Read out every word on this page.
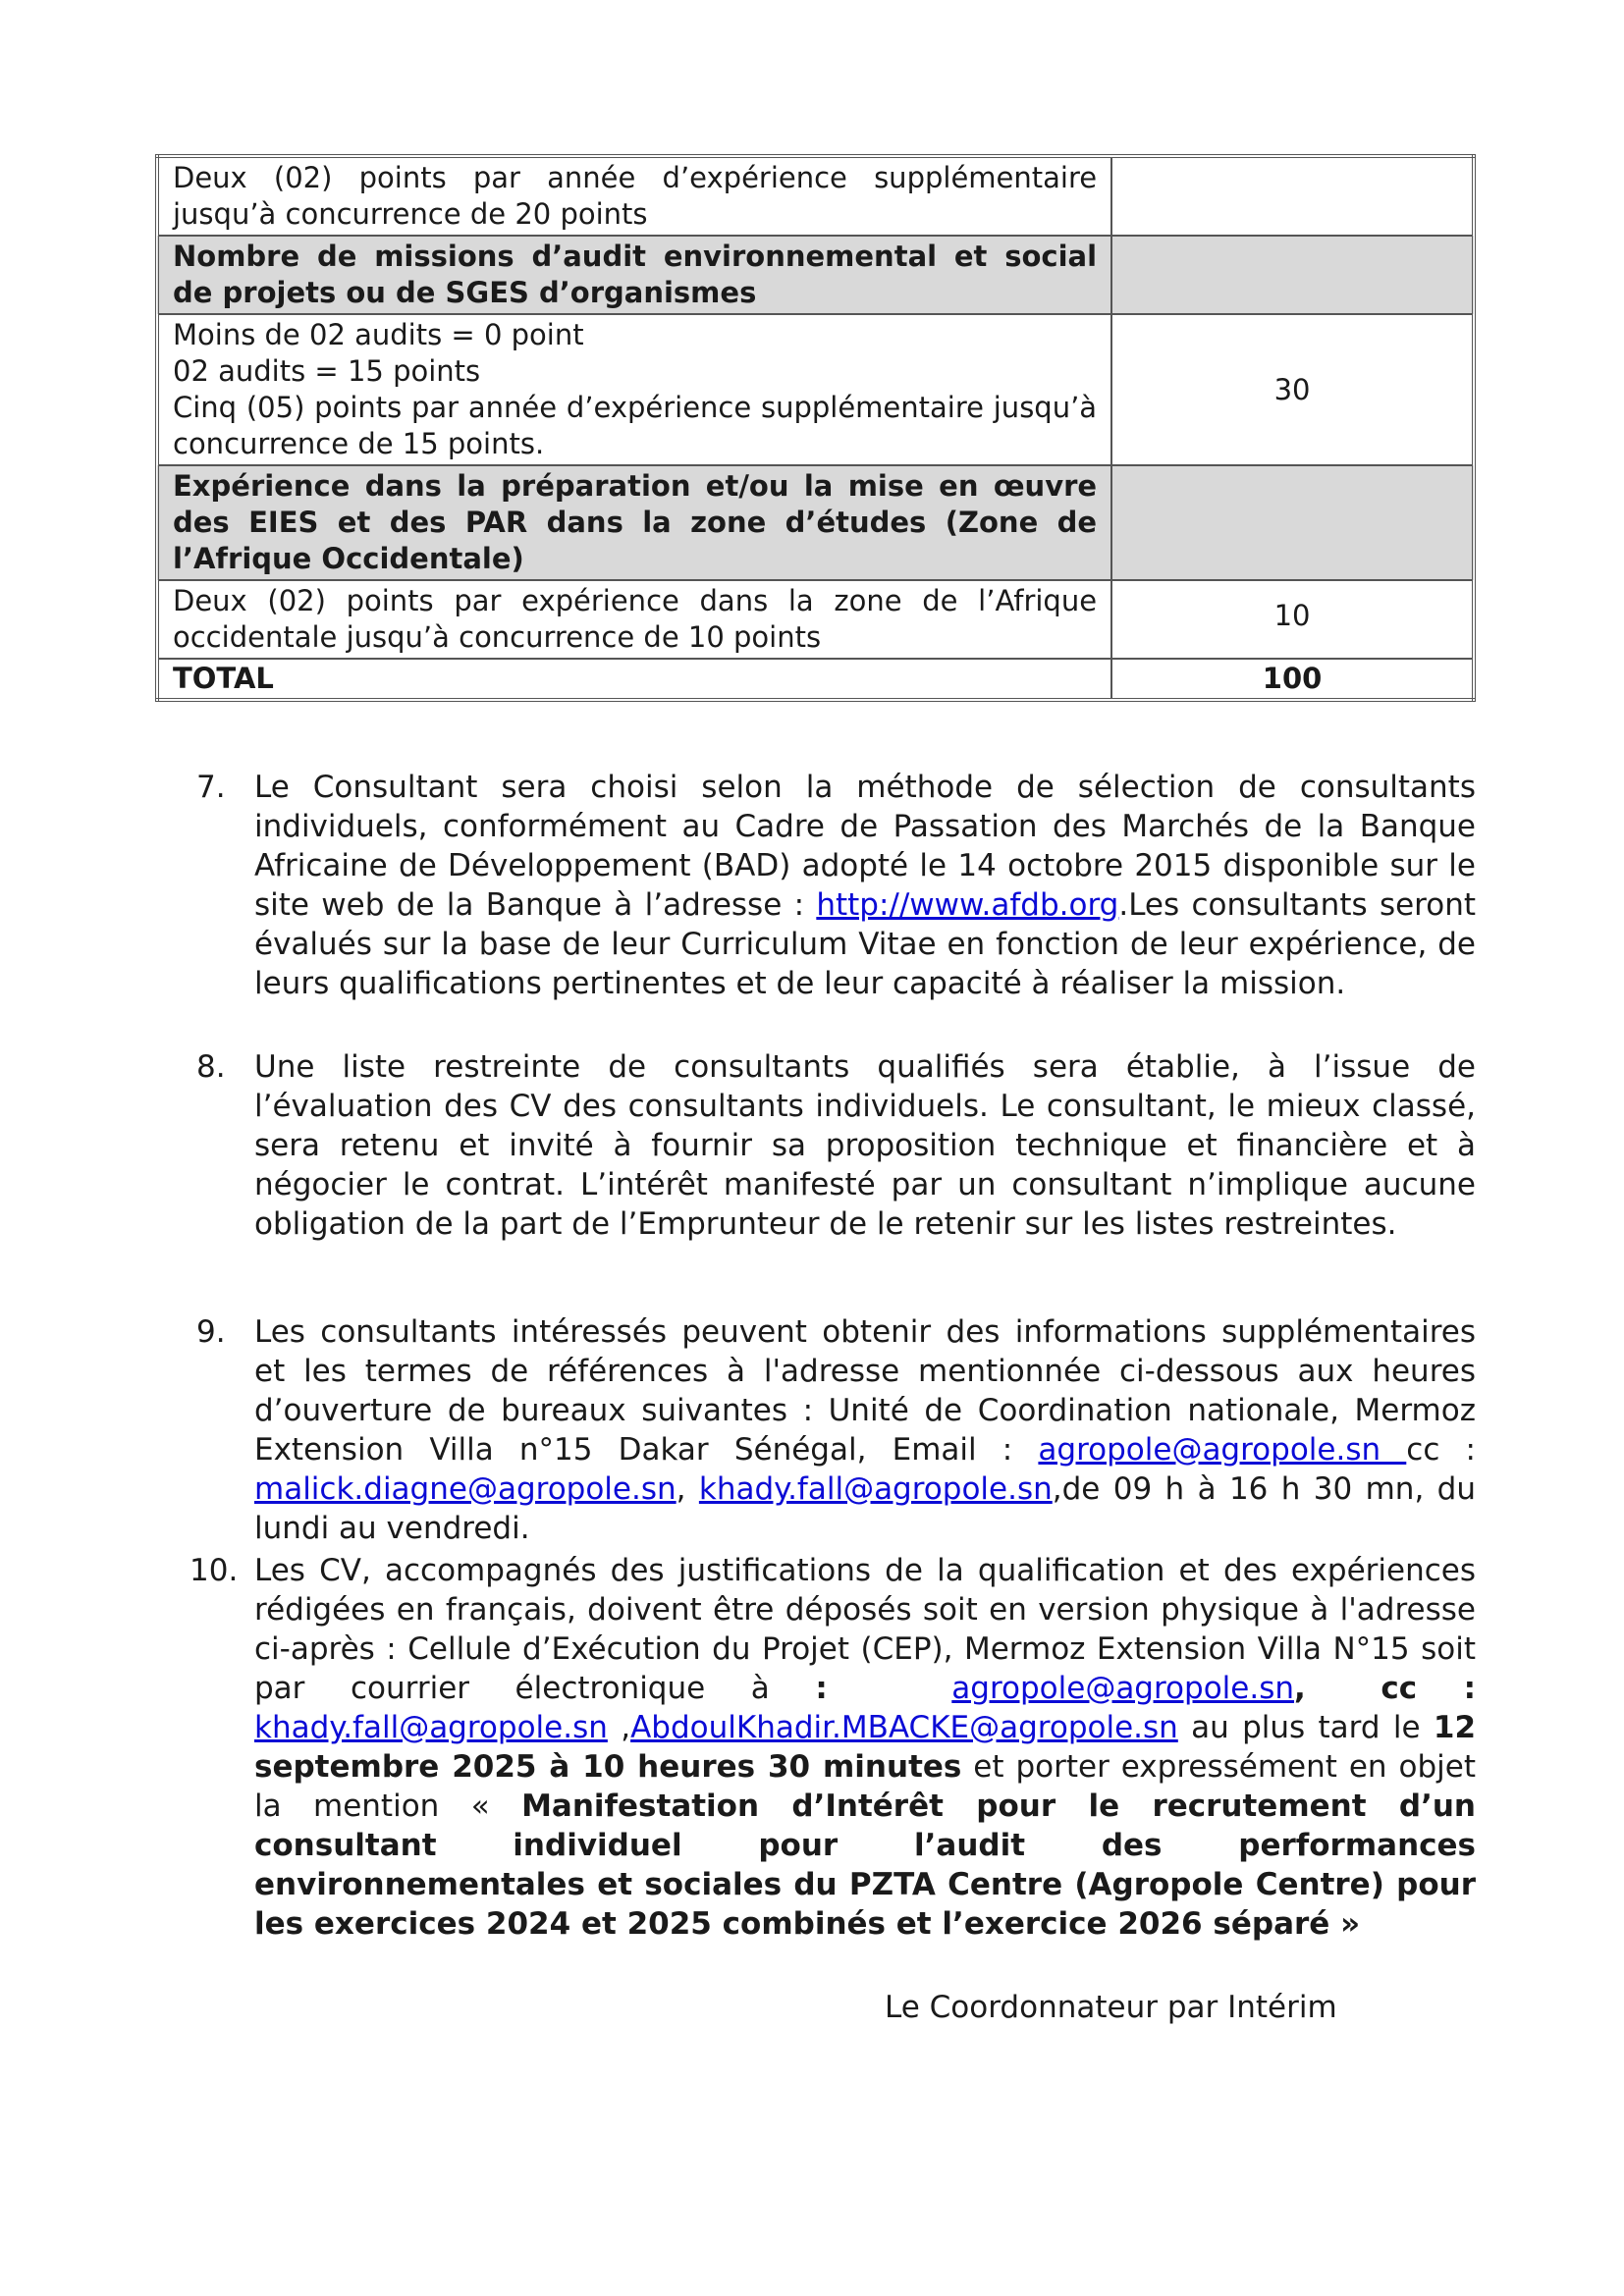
Deux (02) points par année d’expérience supplémentaire jusqu’à concurrence de 20 points	

Nombre de missions d’audit environnemental et social de projets ou de SGES d’organismes	

Moins de 02 audits = 0 point
02 audits = 15 points
Cinq (05) points par année d’expérience supplémentaire jusqu’à concurrence de 15 points.	30

Expérience dans la préparation et/ou la mise en œuvre des EIES et des PAR dans la zone d’études (Zone de l’Afrique Occidentale)	

Deux (02) points par expérience dans la zone de l’Afrique occidentale jusqu’à concurrence de 10 points	10
TOTAL	100
7. Le Consultant sera choisi selon la méthode de sélection de consultants individuels, conformément au Cadre de Passation des Marchés de la Banque Africaine de Développement (BAD) adopté le 14 octobre 2015 disponible sur le site web de la Banque à l’adresse : http://www.afdb.org.Les consultants seront évalués sur la base de leur Curriculum Vitae en fonction de leur expérience, de leurs qualifications pertinentes et de leur capacité à réaliser la mission.
8. Une liste restreinte de consultants qualifiés sera établie, à l’issue de l’évaluation des CV des consultants individuels. Le consultant, le mieux classé, sera retenu et invité à fournir sa proposition technique et financière et à négocier le contrat. L’intérêt manifesté par un consultant n’implique aucune obligation de la part de l’Emprunteur de le retenir sur les listes restreintes.
9. Les consultants intéressés peuvent obtenir des informations supplémentaires et les termes de références à l'adresse mentionnée ci-dessous aux heures d’ouverture de bureaux suivantes : Unité de Coordination nationale, Mermoz Extension Villa n°15 Dakar Sénégal, Email : agropole@agropole.sn cc : malick.diagne@agropole.sn, khady.fall@agropole.sn,de 09 h à 16 h 30 mn, du lundi au vendredi.
10. Les CV, accompagnés des justifications de la qualification et des expériences rédigées en français, doivent être déposés soit en version physique à l'adresse ci-après : Cellule d’Exécution du Projet (CEP), Mermoz Extension Villa N°15 soit par courrier électronique à :	agropole@agropole.sn, cc : khady.fall@agropole.sn ,AbdoulKhadir.MBACKE@agropole.sn au plus tard le 12 septembre 2025 à 10 heures 30 minutes et porter expressément en objet la mention « Manifestation d’Intérêt pour le recrutement d’un consultant individuel pour l’audit des performances environnementales et sociales du PZTA Centre (Agropole Centre) pour les exercices 2024 et 2025 combinés et l’exercice 2026 séparé »
Le Coordonnateur par Intérim
